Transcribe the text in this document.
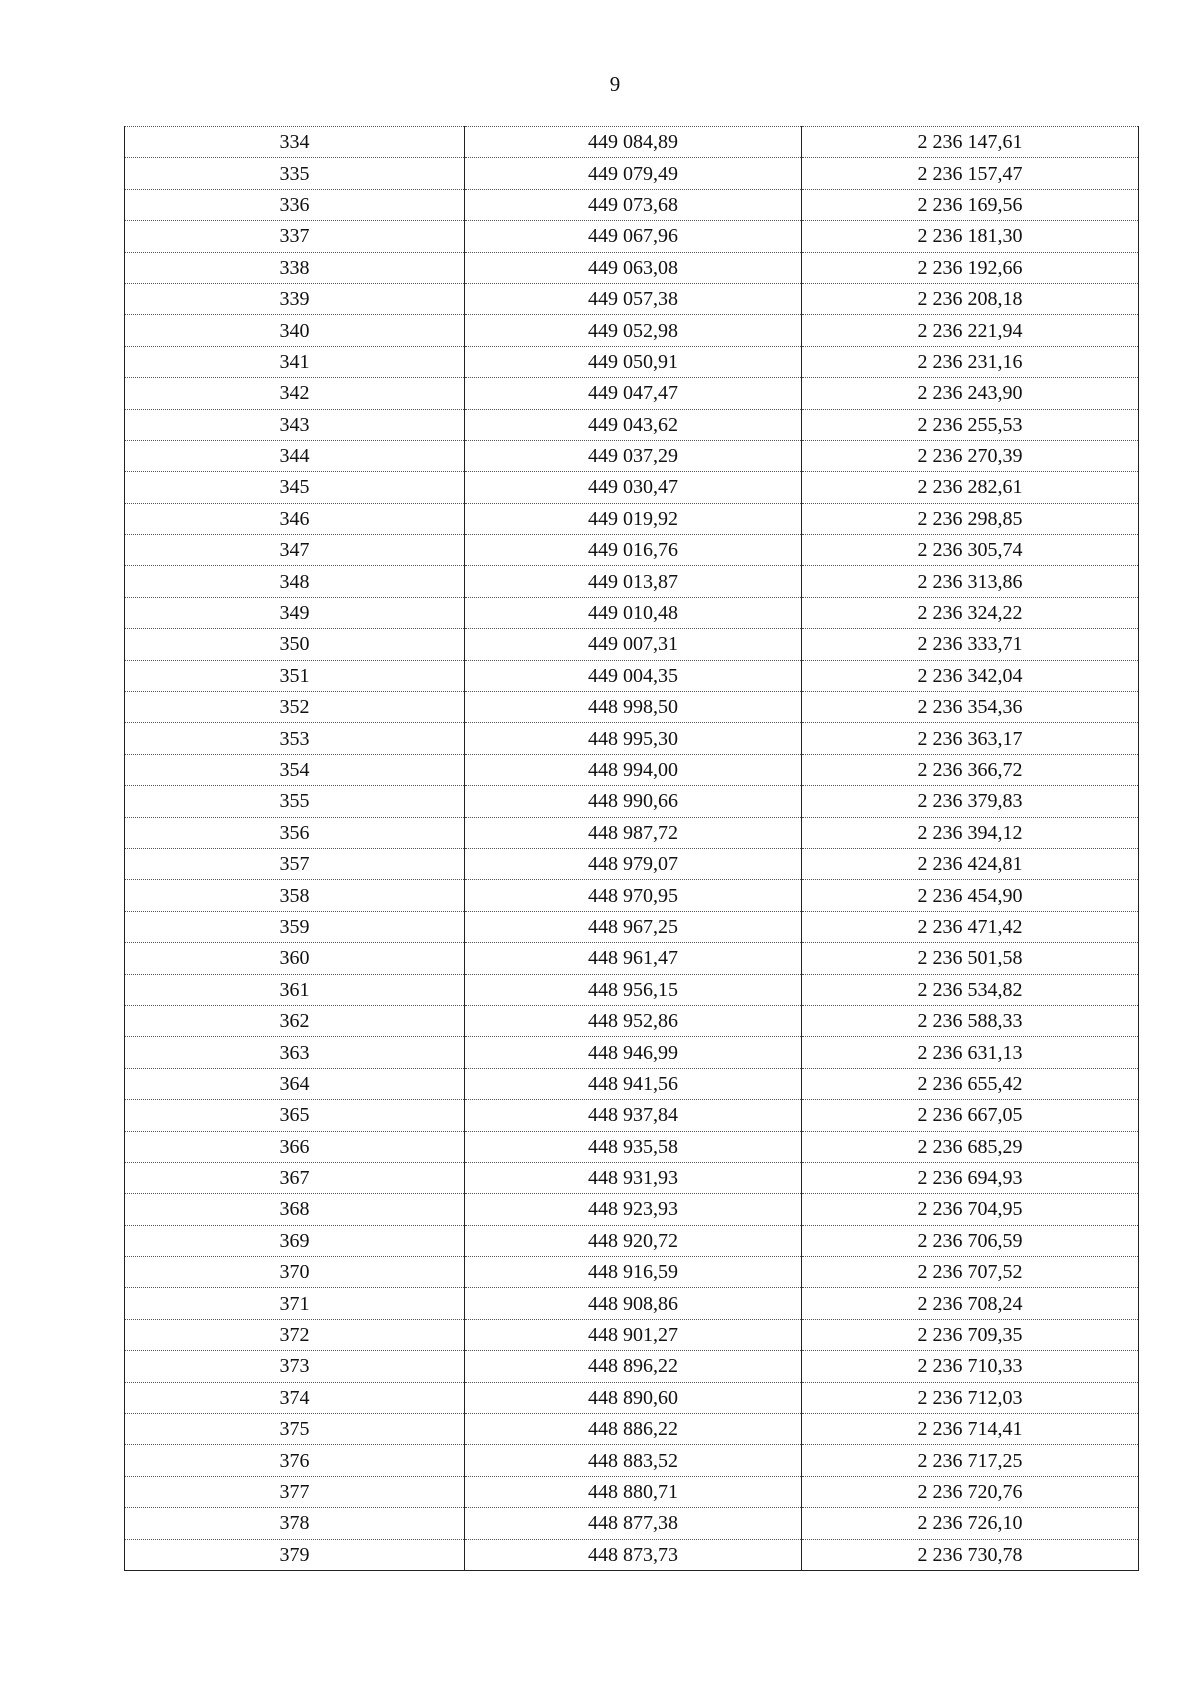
9
334	449 084,89	2 236 147,61
335	449 079,49	2 236 157,47
336	449 073,68	2 236 169,56
337	449 067,96	2 236 181,30
338	449 063,08	2 236 192,66
339	449 057,38	2 236 208,18
340	449 052,98	2 236 221,94
341	449 050,91	2 236 231,16
342	449 047,47	2 236 243,90
343	449 043,62	2 236 255,53
344	449 037,29	2 236 270,39
345	449 030,47	2 236 282,61
346	449 019,92	2 236 298,85
347	449 016,76	2 236 305,74
348	449 013,87	2 236 313,86
349	449 010,48	2 236 324,22
350	449 007,31	2 236 333,71
351	449 004,35	2 236 342,04
352	448 998,50	2 236 354,36
353	448 995,30	2 236 363,17
354	448 994,00	2 236 366,72
355	448 990,66	2 236 379,83
356	448 987,72	2 236 394,12
357	448 979,07	2 236 424,81
358	448 970,95	2 236 454,90
359	448 967,25	2 236 471,42
360	448 961,47	2 236 501,58
361	448 956,15	2 236 534,82
362	448 952,86	2 236 588,33
363	448 946,99	2 236 631,13
364	448 941,56	2 236 655,42
365	448 937,84	2 236 667,05
366	448 935,58	2 236 685,29
367	448 931,93	2 236 694,93
368	448 923,93	2 236 704,95
369	448 920,72	2 236 706,59
370	448 916,59	2 236 707,52
371	448 908,86	2 236 708,24
372	448 901,27	2 236 709,35
373	448 896,22	2 236 710,33
374	448 890,60	2 236 712,03
375	448 886,22	2 236 714,41
376	448 883,52	2 236 717,25
377	448 880,71	2 236 720,76
378	448 877,38	2 236 726,10
379	448 873,73	2 236 730,78
